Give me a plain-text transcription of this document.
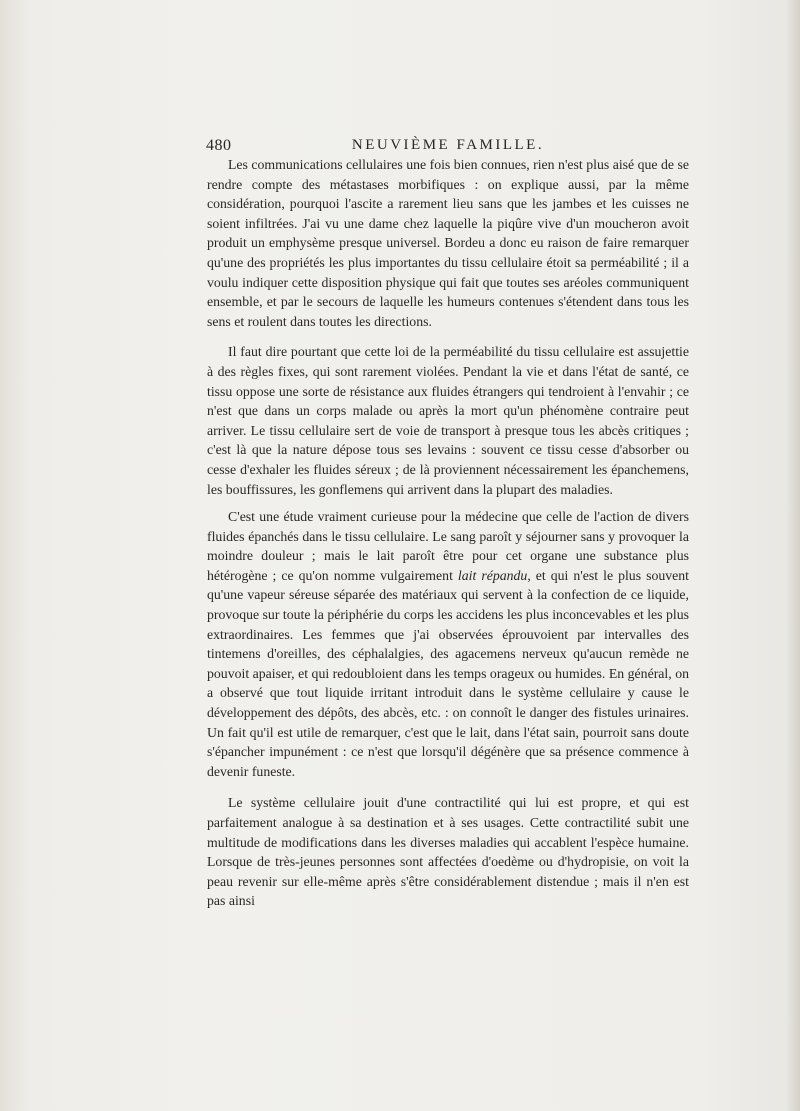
480	NEUVIÈME FAMILLE.

Les communications cellulaires une fois bien connues, rien n'est plus aisé que de se rendre compte des métastases morbifiques : on explique aussi, par la même considération, pourquoi l'ascite a rarement lieu sans que les jambes et les cuisses ne soient infiltrées. J'ai vu une dame chez laquelle la piqûre vive d'un moucheron avoit produit un emphysème presque universel. Bordeu a donc eu raison de faire remarquer qu'une des propriétés les plus importantes du tissu cellulaire étoit sa perméabilité ; il a voulu indiquer cette disposition physique qui fait que toutes ses aréoles communiquent ensemble, et par le secours de laquelle les humeurs contenues s'étendent dans tous les sens et roulent dans toutes les directions.

Il faut dire pourtant que cette loi de la perméabilité du tissu cellulaire est assujettie à des règles fixes, qui sont rarement violées. Pendant la vie et dans l'état de santé, ce tissu oppose une sorte de résistance aux fluides étrangers qui tendroient à l'envahir ; ce n'est que dans un corps malade ou après la mort qu'un phénomène contraire peut arriver. Le tissu cellulaire sert de voie de transport à presque tous les abcès critiques ; c'est là que la nature dépose tous ses levains : souvent ce tissu cesse d'absorber ou cesse d'exhaler les fluides séreux ; de là proviennent nécessairement les épanchemens, les bouffissures, les gonflemens qui arrivent dans la plupart des maladies.

C'est une étude vraiment curieuse pour la médecine que celle de l'action de divers fluides épanchés dans le tissu cellulaire. Le sang paroît y séjourner sans y provoquer la moindre douleur ; mais le lait paroît être pour cet organe une substance plus hétérogène ; ce qu'on nomme vulgairement lait répandu, et qui n'est le plus souvent qu'une vapeur séreuse séparée des matériaux qui servent à la confection de ce liquide, provoque sur toute la périphérie du corps les accidens les plus inconcevables et les plus extraordinaires. Les femmes que j'ai observées éprouvoient par intervalles des tintemens d'oreilles, des céphalalgies, des agacemens nerveux qu'aucun remède ne pouvoit apaiser, et qui redoubloient dans les temps orageux ou humides. En général, on a observé que tout liquide irritant introduit dans le système cellulaire y cause le développement des dépôts, des abcès, etc. : on connoît le danger des fistules urinaires. Un fait qu'il est utile de remarquer, c'est que le lait, dans l'état sain, pourroit sans doute s'épancher impunément : ce n'est que lorsqu'il dégénère que sa présence commence à devenir funeste.

Le système cellulaire jouit d'une contractilité qui lui est propre, et qui est parfaitement analogue à sa destination et à ses usages. Cette contractilité subit une multitude de modifications dans les diverses maladies qui accablent l'espèce humaine. Lorsque de très-jeunes personnes sont affectées d'oedème ou d'hydropisie, on voit la peau revenir sur elle-même après s'être considérablement distendue ; mais il n'en est pas ainsi
